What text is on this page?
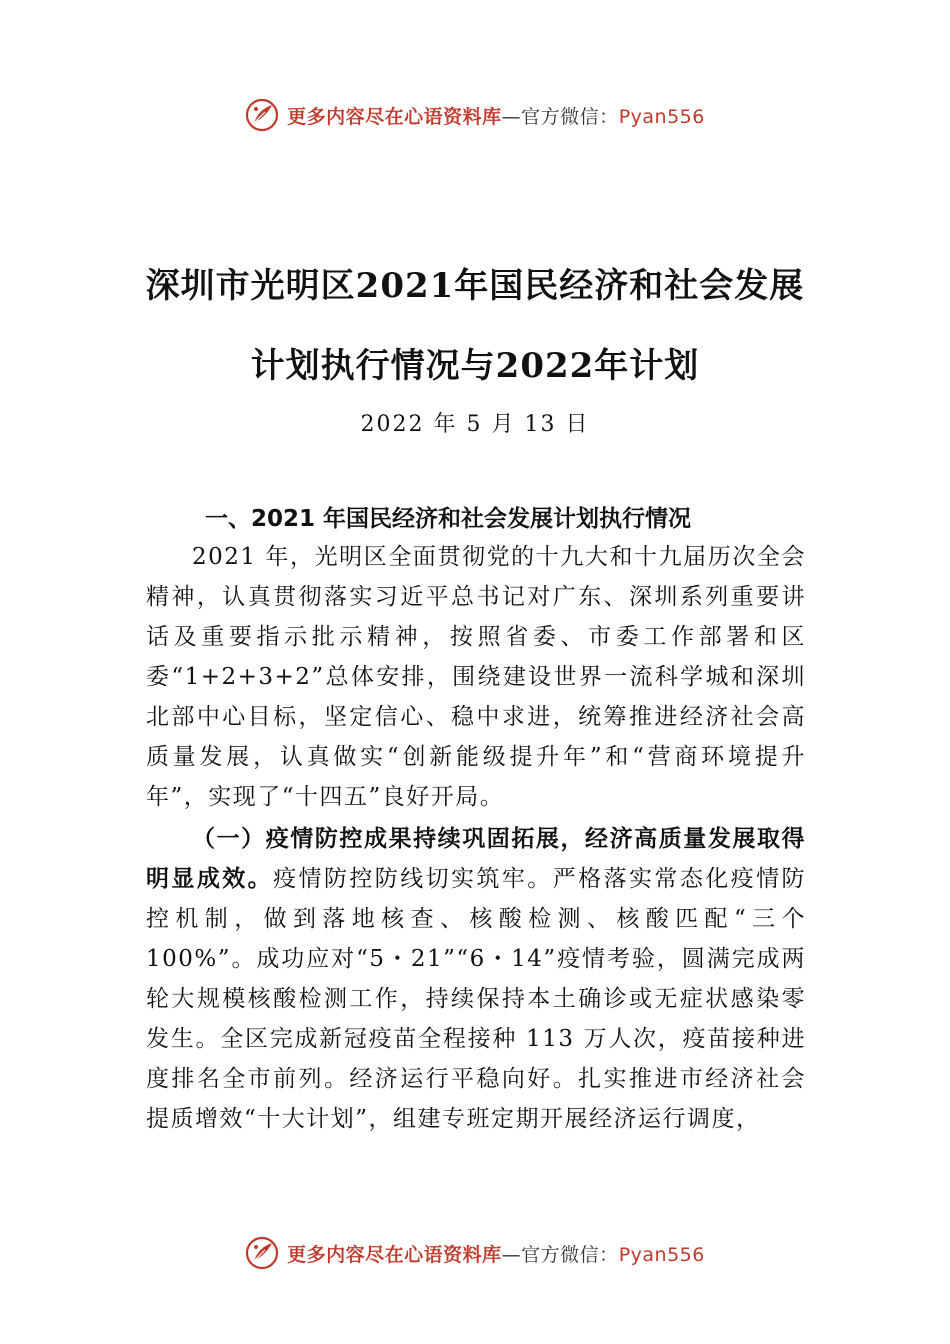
更多内容尽在心语资料库—官方微信：Pyan556
深圳市光明区2021年国民经济和社会发展
计划执行情况与2022年计划
2022 年 5 月 13 日
一、2021 年国民经济和社会发展计划执行情况

2021 年，光明区全面贯彻党的十九大和十九届历次全会精神，认真贯彻落实习近平总书记对广东、深圳系列重要讲话及重要指示批示精神，按照省委、市委工作部署和区委“1+2+3+2”总体安排，围绕建设世界一流科学城和深圳北部中心目标，坚定信心、稳中求进，统筹推进经济社会高质量发展，认真做实“创新能级提升年”和“营商环境提升年”，实现了“十四五”良好开局。

（一）疫情防控成果持续巩固拓展，经济高质量发展取得明显成效。疫情防控防线切实筑牢。严格落实常态化疫情防控机制，做到落地核查、核酸检测、核酸匹配“三个100%”。成功应对“5・21”“6・14”疫情考验，圆满完成两轮大规模核酸检测工作，持续保持本土确诊或无症状感染零发生。全区完成新冠疫苗全程接种 113 万人次，疫苗接种进度排名全市前列。经济运行平稳向好。扎实推进市经济社会提质增效“十大计划”，组建专班定期开展经济运行调度，

更多内容尽在心语资料库—官方微信：Pyan556
